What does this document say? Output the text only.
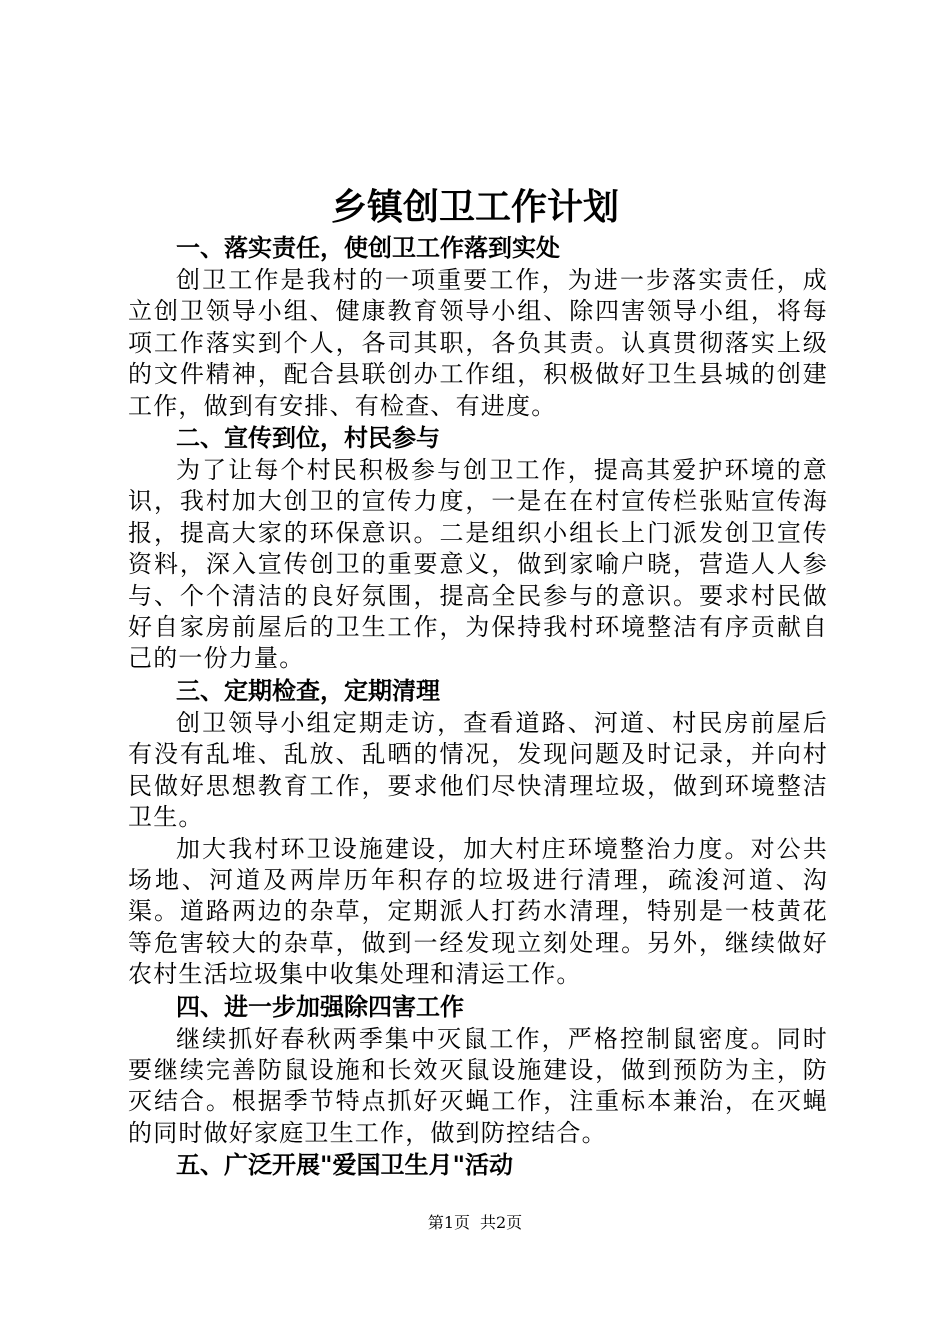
乡镇创卫工作计划

一、落实责任，使创卫工作落到实处

创卫工作是我村的一项重要工作，为进一步落实责任，成立创卫领导小组、健康教育领导小组、除四害领导小组，将每项工作落实到个人，各司其职，各负其责。认真贯彻落实上级的文件精神，配合县联创办工作组，积极做好卫生县城的创建工作，做到有安排、有检查、有进度。

二、宣传到位，村民参与

为了让每个村民积极参与创卫工作，提高其爱护环境的意识，我村加大创卫的宣传力度，一是在在村宣传栏张贴宣传海报，提高大家的环保意识。二是组织小组长上门派发创卫宣传资料，深入宣传创卫的重要意义，做到家喻户晓，营造人人参与、个个清洁的良好氛围，提高全民参与的意识。要求村民做好自家房前屋后的卫生工作，为保持我村环境整洁有序贡献自己的一份力量。

三、定期检查，定期清理

创卫领导小组定期走访，查看道路、河道、村民房前屋后有没有乱堆、乱放、乱晒的情况，发现问题及时记录，并向村民做好思想教育工作，要求他们尽快清理垃圾，做到环境整洁卫生。

加大我村环卫设施建设，加大村庄环境整治力度。对公共场地、河道及两岸历年积存的垃圾进行清理，疏浚河道、沟渠。道路两边的杂草，定期派人打药水清理，特别是一枝黄花等危害较大的杂草，做到一经发现立刻处理。另外，继续做好农村生活垃圾集中收集处理和清运工作。

四、进一步加强除四害工作

继续抓好春秋两季集中灭鼠工作，严格控制鼠密度。同时要继续完善防鼠设施和长效灭鼠设施建设，做到预防为主，防灭结合。根据季节特点抓好灭蝇工作，注重标本兼治，在灭蝇的同时做好家庭卫生工作，做到防控结合。

五、广泛开展"爱国卫生月"活动

第1页 共2页
